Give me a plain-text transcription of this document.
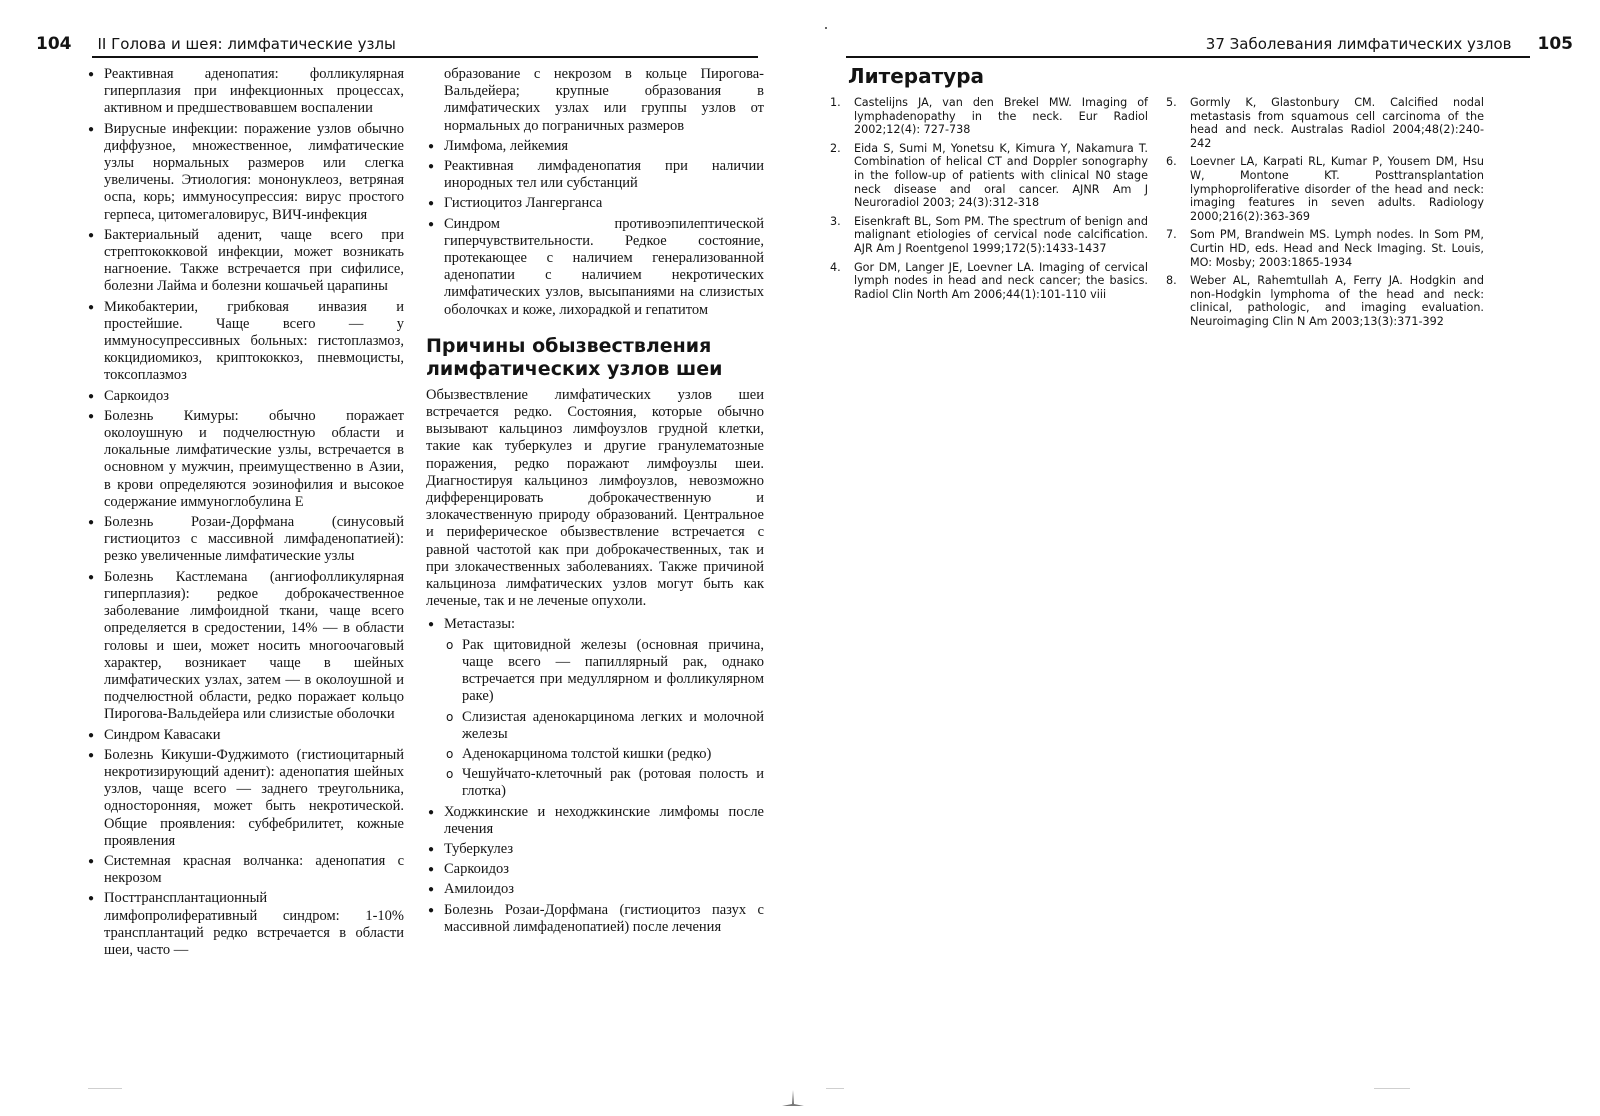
104 II Голова и шея: лимфатические узлы
● Реактивная аденопатия: фолликулярная гиперплазия при инфекционных процессах, активном и предшествовавшем воспалении
● Вирусные инфекции: поражение узлов обычно диффузное, множественное, лимфатические узлы нормальных размеров или слегка увеличены. Этиология: мононуклеоз, ветряная оспа, корь; иммуносупрессия: вирус простого герпеса, цитомегаловирус, ВИЧ-инфекция
● Бактериальный аденит, чаще всего при стрептококковой инфекции, может возникать нагноение. Также встречается при сифилисе, болезни Лайма и болезни кошачьей царапины
● Микобактерии, грибковая инвазия и простейшие. Чаще всего — у иммуносупрессивных больных: гистоплазмоз, кокцидиомикоз, криптококкоз, пневмоцисты, токсоплазмоз
● Саркоидоз
● Болезнь Кимуры: обычно поражает околоушную и подчелюстную области и локальные лимфатические узлы, встречается в основном у мужчин, преимущественно в Азии, в крови определяются эозинофилия и высокое содержание иммуноглобулина Е
● Болезнь Розаи-Дорфмана (синусовый гистиоцитоз с массивной лимфаденопатией): резко увеличенные лимфатические узлы
● Болезнь Кастлемана (ангиофолликулярная гиперплазия): редкое доброкачественное заболевание лимфоидной ткани, чаще всего определяется в средостении, 14% — в области головы и шеи, может носить многоочаговый характер, возникает чаще в шейных лимфатических узлах, затем — в околоушной и подчелюстной области, редко поражает кольцо Пирогова-Вальдейера или слизистые оболочки
● Синдром Кавасаки
● Болезнь Кикуши-Фуджимото (гистиоцитарный некротизирующий аденит): аденопатия шейных узлов, чаще всего — заднего треугольника, односторонняя, может быть некротической. Общие проявления: субфебрилитет, кожные проявления
● Системная красная волчанка: аденопатия с некрозом
● Посттрансплантационный лимфопролиферативный синдром: 1-10% трансплантаций редко встречается в области шеи, часто —
образование с некрозом в кольце Пирогова-Вальдейера; крупные образования в лимфатических узлах или группы узлов от нормальных до пограничных размеров
● Лимфома, лейкемия
● Реактивная лимфаденопатия при наличии инородных тел или субстанций
● Гистиоцитоз Лангерганса
● Синдром противоэпилептической гиперчувствительности. Редкое состояние, протекающее с наличием генерализованной аденопатии с наличием некротических лимфатических узлов, высыпаниями на слизистых оболочках и коже, лихорадкой и гепатитом
Причины обызвествления лимфатических узлов шеи
Обызвествление лимфатических узлов шеи встречается редко. Состояния, которые обычно вызывают кальциноз лимфоузлов грудной клетки, такие как туберкулез и другие гранулематозные поражения, редко поражают лимфоузлы шеи. Диагностируя кальциноз лимфоузлов, невозможно дифференцировать доброкачественную и злокачественную природу образований. Центральное и периферическое обызвествление встречается с равной частотой как при доброкачественных, так и при злокачественных заболеваниях. Также причиной кальциноза лимфатических узлов могут быть как леченые, так и не леченые опухоли.
● Метастазы:
o Рак щитовидной железы (основная причина, чаще всего — папиллярный рак, однако встречается при медуллярном и фолликулярном раке)
o Слизистая аденокарцинома легких и молочной железы
o Аденокарцинома толстой кишки (редко)
o Чешуйчато-клеточный рак (ротовая полость и глотка)
● Ходжкинские и неходжкинские лимфомы после лечения
● Туберкулез
● Саркоидоз
● Амилоидоз
● Болезнь Розаи-Дорфмана (гистиоцитоз пазух с массивной лимфаденопатией) после лечения
37 Заболевания лимфатических узлов 105
Литература
1. Castelijns JA, van den Brekel MW. Imaging of lymphadenopathy in the neck. Eur Radiol 2002;12(4): 727-738
2. Eida S, Sumi M, Yonetsu K, Kimura Y, Nakamura T. Combination of helical CT and Doppler sonography in the follow-up of patients with clinical N0 stage neck disease and oral cancer. AJNR Am J Neuroradiol 2003; 24(3):312-318
3. Eisenkraft BL, Som PM. The spectrum of benign and malignant etiologies of cervical node calcification. AJR Am J Roentgenol 1999;172(5):1433-1437
4. Gor DM, Langer JE, Loevner LA. Imaging of cervical lymph nodes in head and neck cancer; the basics. Radiol Clin North Am 2006;44(1):101-110 viii
5. Gormly K, Glastonbury CM. Calcified nodal metastasis from squamous cell carcinoma of the head and neck. Australas Radiol 2004;48(2):240-242
6. Loevner LA, Karpati RL, Kumar P, Yousem DM, Hsu W, Montone KT. Posttransplantation lymphoproliferative disorder of the head and neck: imaging features in seven adults. Radiology 2000;216(2):363-369
7. Som PM, Brandwein MS. Lymph nodes. In Som PM, Curtin HD, eds. Head and Neck Imaging. St. Louis, MO: Mosby; 2003:1865-1934
8. Weber AL, Rahemtullah A, Ferry JA. Hodgkin and non-Hodgkin lymphoma of the head and neck: clinical, pathologic, and imaging evaluation. Neuroimaging Clin N Am 2003;13(3):371-392
